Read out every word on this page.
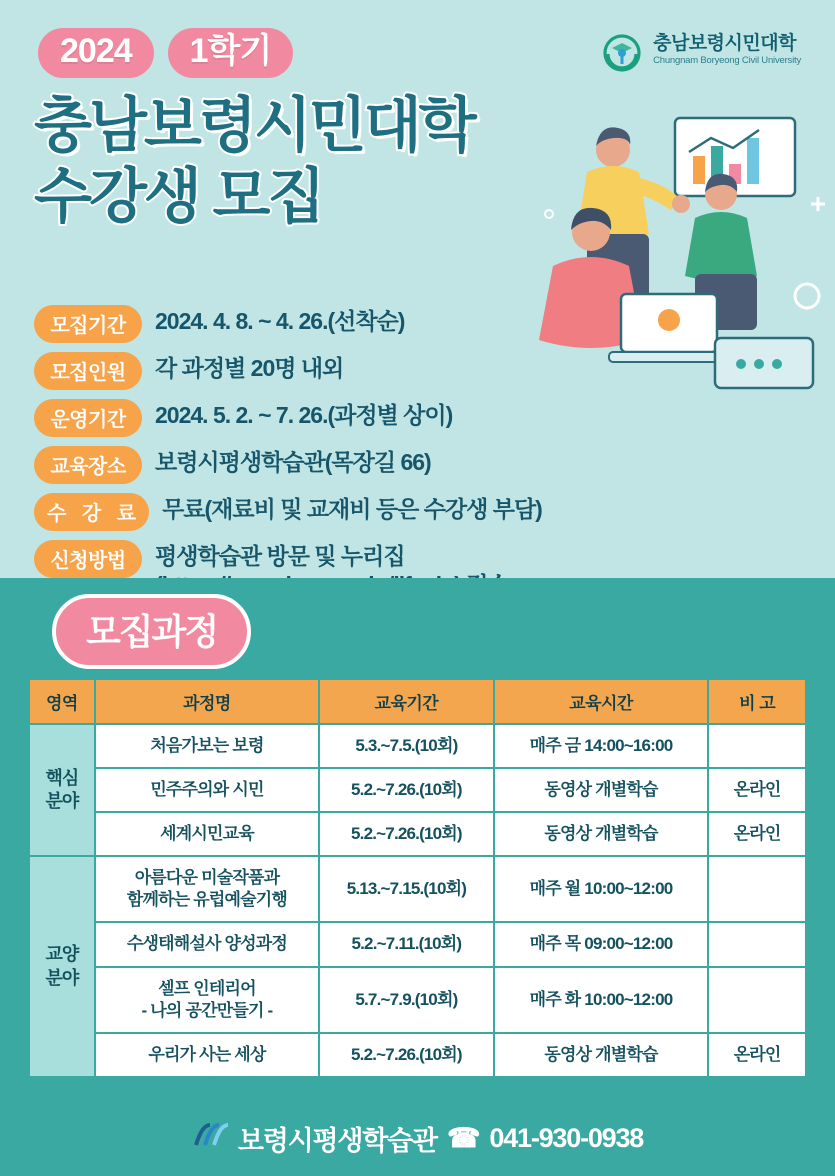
충남보령시민대학
Chungnam Boryeong Civil University
2024	1학기
충남보령시민대학
수강생 모집
모집기간	2024. 4. 8. ~ 4. 26.(선착순)
모집인원	각 과정별 20명 내외
운영기간	2024. 5. 2. ~ 7. 26.(과정별 상이)
교육장소	보령시평생학습관(목장길 66)
수 강 료 무료(재료비 및 교재비 등은 수강생 부담)
신청방법	평생학습관 방문 및 누리집

모집과정
영역	과정명	교육기간	교육시간	비 고
핵심
분야	처음가보는 보령	5.3.~7.5.(10회)	매주 금 14:00~16:00	
	민주주의와 시민	5.2.~7.26.(10회)	동영상 개별학습	온라인
	세계시민교육	5.2.~7.26.(10회)	동영상 개별학습	온라인
교양
분야	아름다운 미술작품과
함께하는 유럽예술기행	5.13.~7.15.(10회)	매주 월 10:00~12:00	
	수생태해설사 양성과정	5.2.~7.11.(10회)	매주 목 09:00~12:00	
	셀프 인테리어
- 나의 공간만들기 -	5.7.~7.9.(10회)	매주 화 10:00~12:00	
	우리가 사는 세상	5.2.~7.26.(10회)	동영상 개별학습	온라인
보령시평생학습관 ☎ 041-930-0938
